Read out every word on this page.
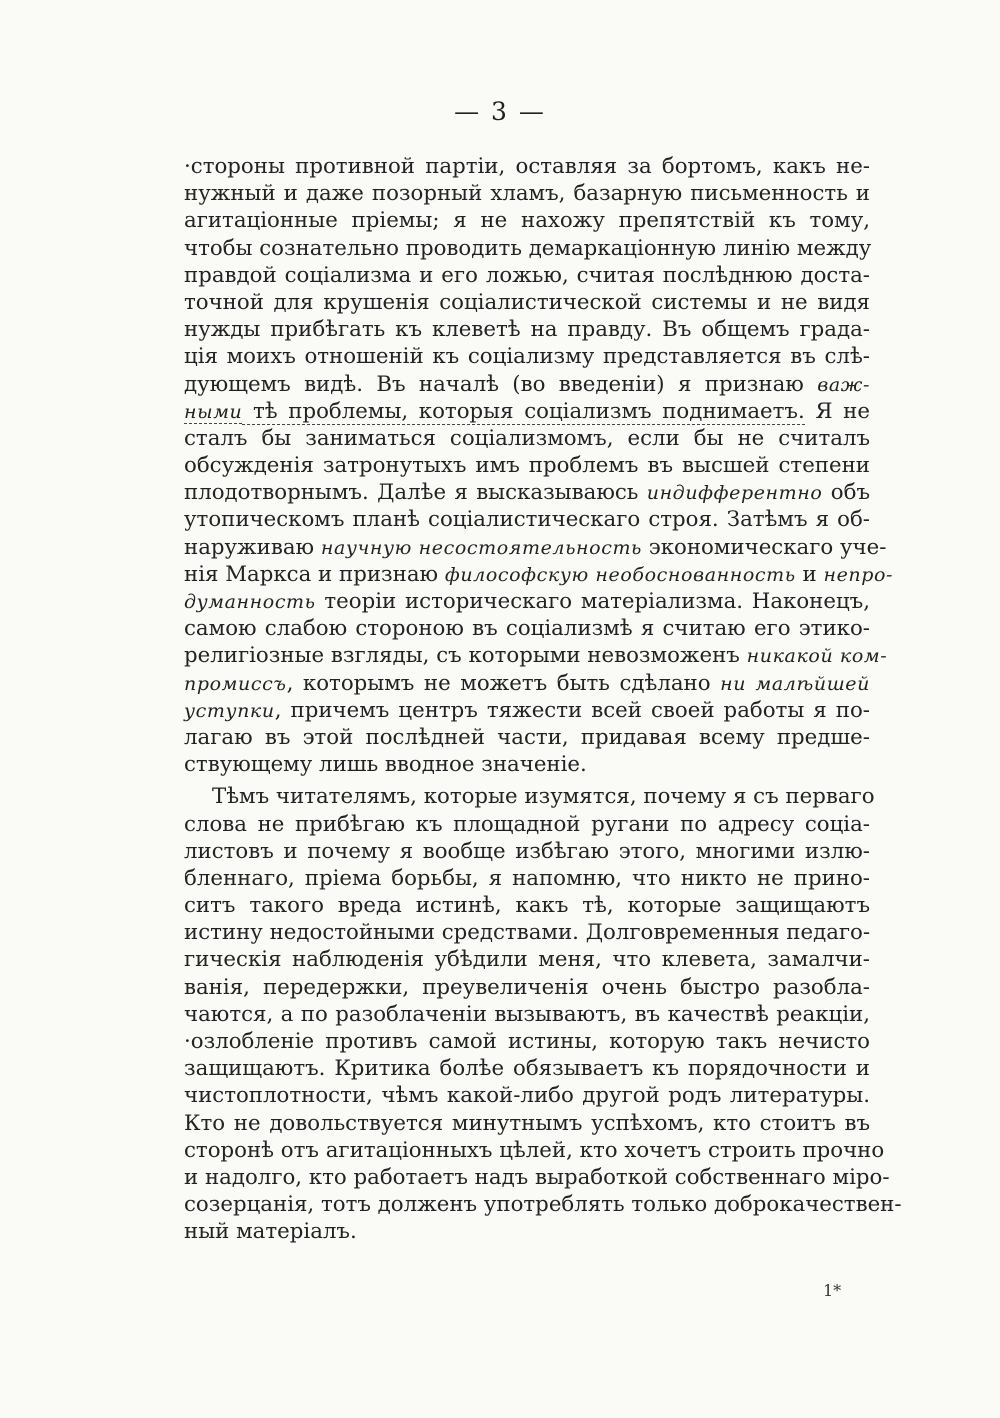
— 3 —
·стороны противной партіи, оставляя за бортомъ, какъ не-
нужный и даже позорный хламъ, базарную письменность и
агитаціонные пріемы; я не нахожу препятствій къ тому,
чтобы сознательно проводить демаркаціонную линію между
правдой соціализма и его ложью, считая послѣднюю доста-
точной для крушенія соціалистической системы и не видя
нужды прибѣгать къ клеветѣ на правду. Въ общемъ града-
ція моихъ отношеній къ соціализму представляется въ слѣ-
дующемъ видѣ. Въ началѣ (во введеніи) я признаю важ-
ными тѣ проблемы, которыя соціализмъ поднимаетъ. Я не
сталъ бы заниматься соціализмомъ, если бы не считалъ
обсужденія затронутыхъ имъ проблемъ въ высшей степени
плодотворнымъ. Далѣе я высказываюсь индифферентно объ
утопическомъ планѣ соціалистическаго строя. Затѣмъ я об-
наруживаю научную несостоятельность экономическаго уче-
нія Маркса и признаю философскую необоснованность и непро-
думанность теоріи историческаго матеріализма. Наконецъ,
самою слабою стороною въ соціализмѣ я считаю его этико-
религіозные взгляды, съ которыми невозможенъ никакой ком-
промиссъ, которымъ не можетъ быть сдѣлано ни малѣйшей
уступки, причемъ центръ тяжести всей своей работы я по-
лагаю въ этой послѣдней части, придавая всему предше-
ствующему лишь вводное значеніе.
Тѣмъ читателямъ, которые изумятся, почему я съ перваго
слова не прибѣгаю къ площадной ругани по адресу соціа-
листовъ и почему я вообще избѣгаю этого, многими излю-
бленнаго, пріема борьбы, я напомню, что никто не прино-
ситъ такого вреда истинѣ, какъ тѣ, которые защищаютъ
истину недостойными средствами. Долговременныя педаго-
гическія наблюденія убѣдили меня, что клевета, замалчи-
ванія, передержки, преувеличенія очень быстро разобла-
чаются, а по разоблаченіи вызываютъ, въ качествѣ реакціи,
·озлобленіе противъ самой истины, которую такъ нечисто
защищаютъ. Критика болѣе обязываетъ къ порядочности и
чистоплотности, чѣмъ какой-либо другой родъ литературы.
Кто не довольствуется минутнымъ успѣхомъ, кто стоитъ въ
сторонѣ отъ агитаціонныхъ цѣлей, кто хочетъ строить прочно
и надолго, кто работаетъ надъ выработкой собственнаго міро-
созерцанія, тотъ долженъ употреблять только доброкачествен-
ный матеріалъ.
1*
